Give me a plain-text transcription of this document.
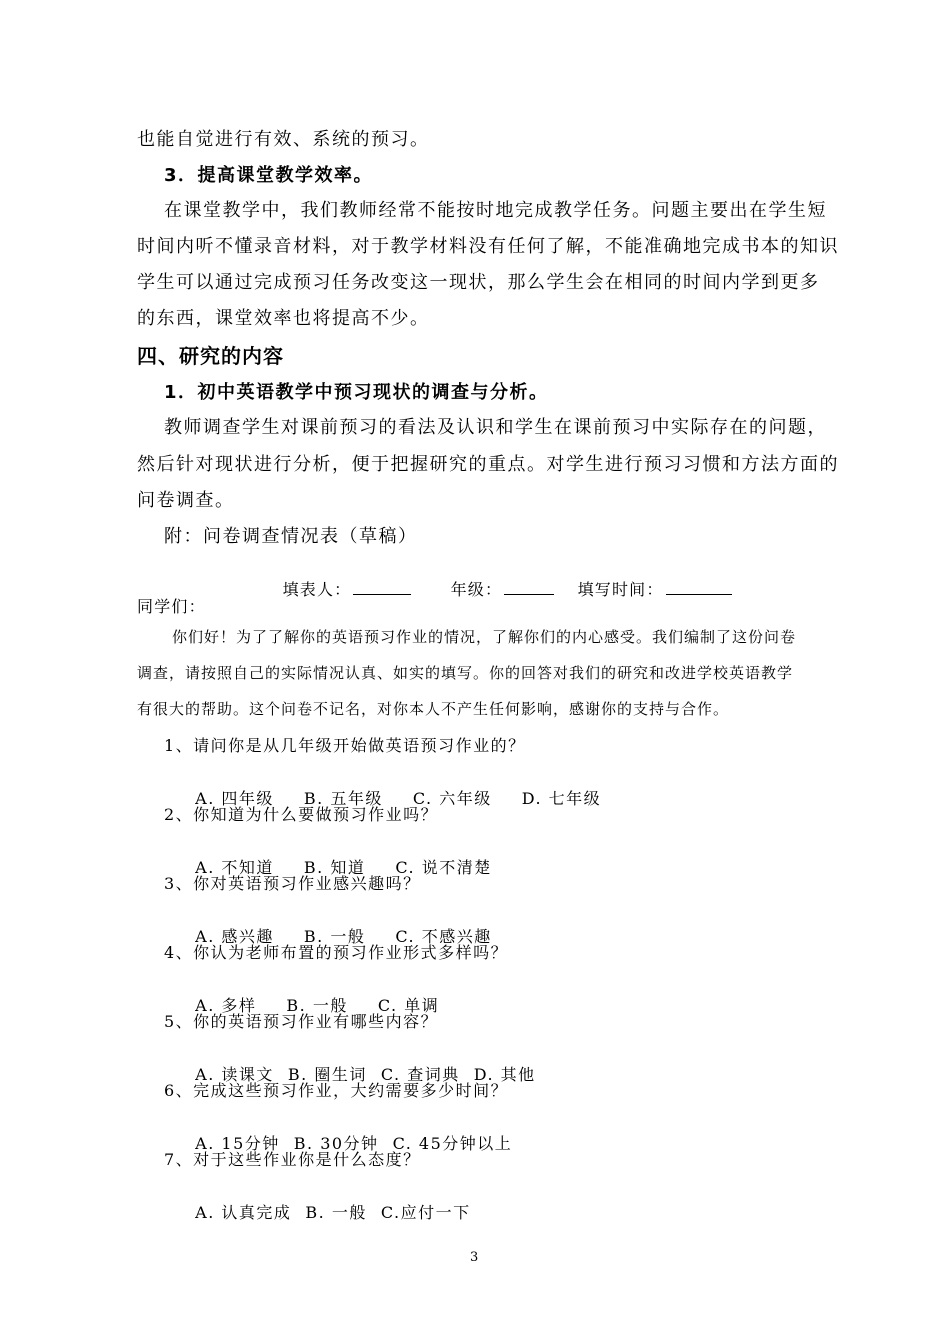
也能自觉进行有效、系统的预习。
3．提高课堂教学效率。
在课堂教学中，我们教师经常不能按时地完成教学任务。问题主要出在学生短
时间内听不懂录音材料，对于教学材料没有任何了解，不能准确地完成书本的知识
学生可以通过完成预习任务改变这一现状，那么学生会在相同的时间内学到更多
的东西，课堂效率也将提高不少。
四、研究的内容
1．初中英语教学中预习现状的调查与分析。
教师调查学生对课前预习的看法及认识和学生在课前预习中实际存在的问题，
然后针对现状进行分析，便于把握研究的重点。对学生进行预习习惯和方法方面的
问卷调查。
附：问卷调查情况表（草稿）

填表人：	年级：	填写时间：

同学们：
你们好！为了了解你的英语预习作业的情况，了解你们的内心感受。我们编制了这份问卷
调查，请按照自己的实际情况认真、如实的填写。你的回答对我们的研究和改进学校英语教学
有很大的帮助。这个问卷不记名，对你本人不产生任何影响，感谢你的支持与合作。
1、请问你是从几年级开始做英语预习作业的？

A. 四年级 B. 五年级 C. 六年级 D. 七年级

2、你知道为什么要做预习作业吗？

A. 不知道 B. 知道 C. 说不清楚

3、你对英语预习作业感兴趣吗？

A. 感兴趣 B. 一般 C. 不感兴趣

4、你认为老师布置的预习作业形式多样吗？

A. 多样 B. 一般 C. 单调

5、你的英语预习作业有哪些内容？

A. 读课文 B. 圈生词 C. 查词典 D. 其他

6、完成这些预习作业，大约需要多少时间？

A. 15分钟 B. 30分钟 C. 45分钟以上

7、对于这些作业你是什么态度？

A. 认真完成 B. 一般 C.应付一下

3
